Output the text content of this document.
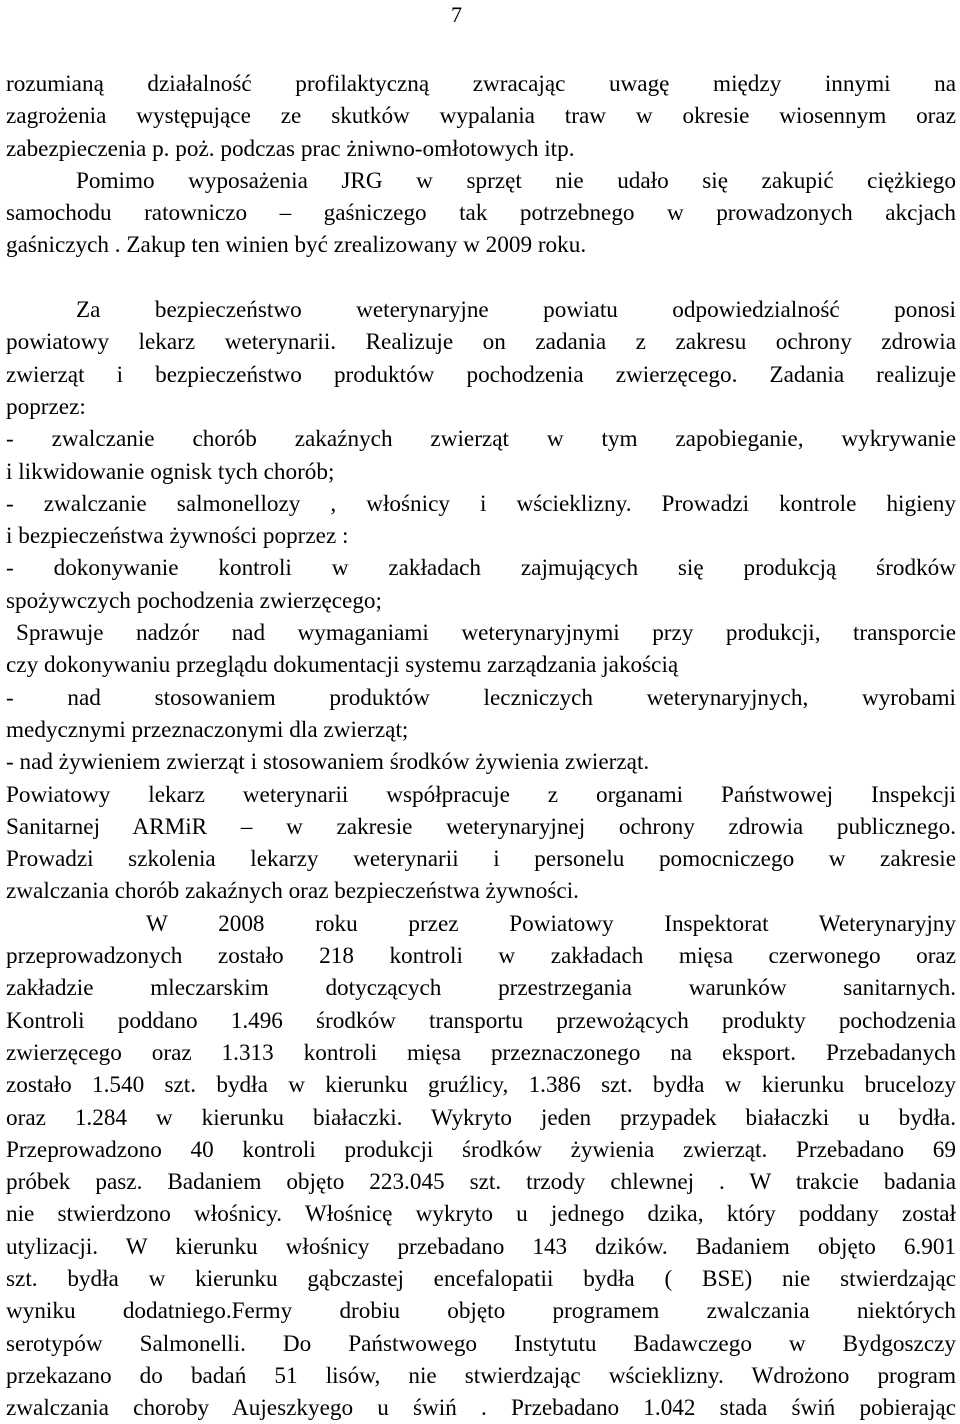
7
rozumianą działalność profilaktyczną zwracając uwagę między innymi na
zagrożenia występujące ze skutków wypalania traw w okresie wiosennym oraz
zabezpieczenia p. poż. podczas prac żniwno-omłotowych itp.
Pomimo wyposażenia JRG w sprzęt nie udało się zakupić ciężkiego
samochodu ratowniczo – gaśniczego tak potrzebnego w prowadzonych akcjach
gaśniczych . Zakup ten winien być zrealizowany w 2009 roku.
Za bezpieczeństwo weterynaryjne powiatu odpowiedzialność ponosi
powiatowy lekarz weterynarii. Realizuje on zadania z zakresu ochrony zdrowia
zwierząt i bezpieczeństwo produktów pochodzenia zwierzęcego. Zadania realizuje
poprzez:
- zwalczanie chorób zakaźnych zwierząt w tym zapobieganie, wykrywanie
i likwidowanie ognisk tych chorób;
- zwalczanie salmonellozy , włośnicy i wścieklizny. Prowadzi kontrole higieny
i bezpieczeństwa żywności poprzez :
- dokonywanie kontroli w zakładach zajmujących się produkcją środków
spożywczych pochodzenia zwierzęcego;
Sprawuje nadzór nad wymaganiami weterynaryjnymi przy produkcji, transporcie
czy dokonywaniu przeglądu dokumentacji systemu zarządzania jakością
- nad stosowaniem produktów leczniczych weterynaryjnych, wyrobami
medycznymi przeznaczonymi dla zwierząt;
- nad żywieniem zwierząt i stosowaniem środków żywienia zwierząt.
Powiatowy lekarz weterynarii współpracuje z organami Państwowej Inspekcji
Sanitarnej ARMiR – w zakresie weterynaryjnej ochrony zdrowia publicznego.
Prowadzi szkolenia lekarzy weterynarii i personelu pomocniczego w zakresie
zwalczania chorób zakaźnych oraz bezpieczeństwa żywności.
W 2008 roku przez Powiatowy Inspektorat Weterynaryjny
przeprowadzonych zostało 218 kontroli w zakładach mięsa czerwonego oraz
zakładzie mleczarskim dotyczących przestrzegania warunków sanitarnych.
Kontroli poddano 1.496 środków transportu przewożących produkty pochodzenia
zwierzęcego oraz 1.313 kontroli mięsa przeznaczonego na eksport. Przebadanych
zostało 1.540 szt. bydła w kierunku gruźlicy, 1.386 szt. bydła w kierunku brucelozy
oraz 1.284 w kierunku białaczki. Wykryto jeden przypadek białaczki u bydła.
Przeprowadzono 40 kontroli produkcji środków żywienia zwierząt. Przebadano 69
próbek pasz. Badaniem objęto 223.045 szt. trzody chlewnej . W trakcie badania
nie stwierdzono włośnicy. Włośnicę wykryto u jednego dzika, który poddany został
utylizacji. W kierunku włośnicy przebadano 143 dzików. Badaniem objęto 6.901
szt. bydła w kierunku gąbczastej encefalopatii bydła ( BSE) nie stwierdzając
wyniku dodatniego.Fermy drobiu objęto programem zwalczania niektórych
serotypów Salmonelli. Do Państwowego Instytutu Badawczego w Bydgoszczy
przekazano do badań 51 lisów, nie stwierdzając wścieklizny. Wdrożono program
zwalczania choroby Aujeszkyego u świń . Przebadano 1.042 stada świń pobierając
